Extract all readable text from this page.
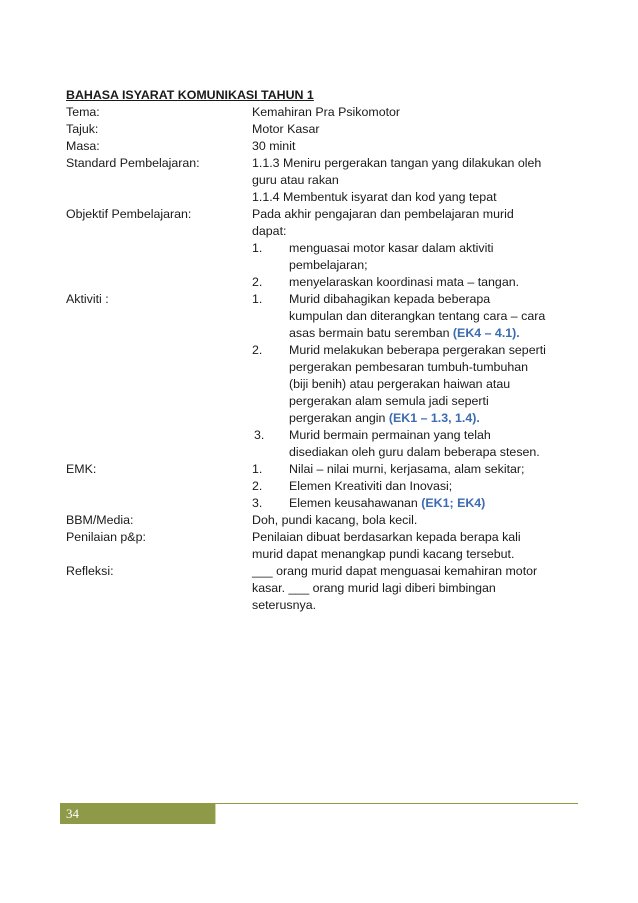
BAHASA ISYARAT KOMUNIKASI TAHUN 1
Tema:	Kemahiran Pra Psikomotor
Tajuk:	Motor Kasar
Masa:	30 minit
Standard Pembelajaran:	1.1.3 Meniru pergerakan tangan yang dilakukan oleh
guru atau rakan
1.1.4 Membentuk isyarat dan kod yang tepat
Objektif Pembelajaran:	Pada akhir pengajaran dan pembelajaran murid
dapat:
1.	menguasai motor kasar dalam aktiviti
pembelajaran;
2.	menyelaraskan koordinasi mata – tangan.
Aktiviti :	1.	Murid dibahagikan kepada beberapa
kumpulan dan diterangkan tentang cara – cara
asas bermain batu seremban (EK4 – 4.1).
2.	Murid melakukan beberapa pergerakan seperti
pergerakan pembesaran tumbuh-tumbuhan
(biji benih) atau pergerakan haiwan atau
pergerakan alam semula jadi seperti
pergerakan angin (EK1 – 1.3, 1.4).
3.	Murid bermain permainan yang telah
disediakan oleh guru dalam beberapa stesen.
EMK:	1.	Nilai – nilai murni, kerjasama, alam sekitar;
2.	Elemen Kreativiti dan Inovasi;
3.	Elemen keusahawanan (EK1; EK4)
BBM/Media:	Doh, pundi kacang, bola kecil.
Penilaian p&p:	Penilaian dibuat berdasarkan kepada berapa kali
murid dapat menangkap pundi kacang tersebut.
Refleksi:	___ orang murid dapat menguasai kemahiran motor
kasar. ___ orang murid lagi diberi bimbingan
seterusnya.
34
